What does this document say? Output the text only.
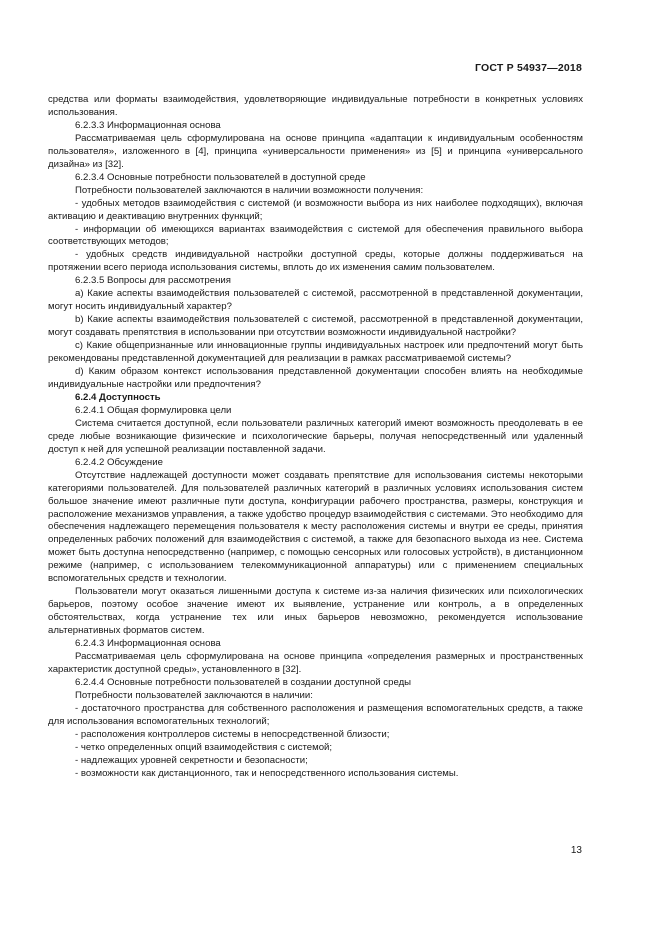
ГОСТ Р 54937—2018

средства или форматы взаимодействия, удовлетворяющие индивидуальные потребности в конкретных условиях использования.

6.2.3.3 Информационная основа

Рассматриваемая цель сформулирована на основе принципа «адаптации к индивидуальным особенностям пользователя», изложенного в [4], принципа «универсальности применения» из [5] и принципа «универсального дизайна» из [32].

6.2.3.4 Основные потребности пользователей в доступной среде

Потребности пользователей заключаются в наличии возможности получения:

- удобных методов взаимодействия с системой (и возможности выбора из них наиболее подходящих), включая активацию и деактивацию внутренних функций;

- информации об имеющихся вариантах взаимодействия с системой для обеспечения правильного выбора соответствующих методов;

- удобных средств индивидуальной настройки доступной среды, которые должны поддерживаться на протяжении всего периода использования системы, вплоть до их изменения самим пользователем.

6.2.3.5 Вопросы для рассмотрения

a) Какие аспекты взаимодействия пользователей с системой, рассмотренной в представленной документации, могут носить индивидуальный характер?

b) Какие аспекты взаимодействия пользователей с системой, рассмотренной в представленной документации, могут создавать препятствия в использовании при отсутствии возможности индивидуальной настройки?

c) Какие общепризнанные или инновационные группы индивидуальных настроек или предпочтений могут быть рекомендованы представленной документацией для реализации в рамках рассматриваемой системы?

d) Каким образом контекст использования представленной документации способен влиять на необходимые индивидуальные настройки или предпочтения?

6.2.4 Доступность

6.2.4.1 Общая формулировка цели

Система считается доступной, если пользователи различных категорий имеют возможность преодолевать в ее среде любые возникающие физические и психологические барьеры, получая непосредственный или удаленный доступ к ней для успешной реализации поставленной задачи.

6.2.4.2 Обсуждение

Отсутствие надлежащей доступности может создавать препятствие для использования системы некоторыми категориями пользователей. Для пользователей различных категорий в различных условиях использования систем большое значение имеют различные пути доступа, конфигурации рабочего пространства, размеры, конструкция и расположение механизмов управления, а также удобство процедур взаимодействия с системами. Это необходимо для обеспечения надлежащего перемещения пользователя к месту расположения системы и внутри ее среды, принятия определенных рабочих положений для взаимодействия с системой, а также для безопасного выхода из нее. Система может быть доступна непосредственно (например, с помощью сенсорных или голосовых устройств), в дистанционном режиме (например, с использованием телекоммуникационной аппаратуры) или с применением специальных вспомогательных средств и технологии.

Пользователи могут оказаться лишенными доступа к системе из-за наличия физических или психологических барьеров, поэтому особое значение имеют их выявление, устранение или контроль, а в определенных обстоятельствах, когда устранение тех или иных барьеров невозможно, рекомендуется использование альтернативных форматов систем.

6.2.4.3 Информационная основа

Рассматриваемая цель сформулирована на основе принципа «определения размерных и пространственных характеристик доступной среды», установленного в [32].

6.2.4.4 Основные потребности пользователей в создании доступной среды

Потребности пользователей заключаются в наличии:

- достаточного пространства для собственного расположения и размещения вспомогательных средств, а также для использования вспомогательных технологий;

- расположения контроллеров системы в непосредственной близости;

- четко определенных опций взаимодействия с системой;

- надлежащих уровней секретности и безопасности;

- возможности как дистанционного, так и непосредственного использования системы.

13
